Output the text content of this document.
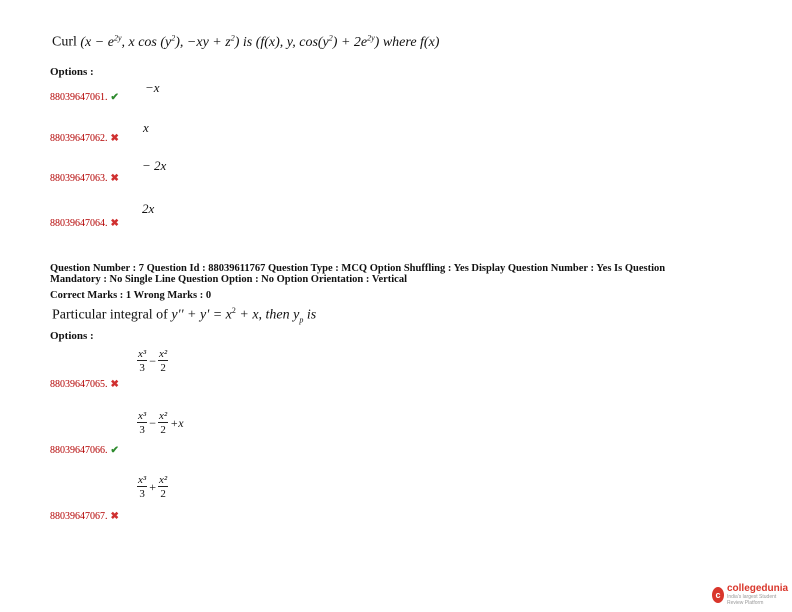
Curl ($x - e^{2y}$, x $\cos (y^2)$, $-xy + z^2$) is (f(x), y, $\cos(y^2) + 2e^{2y}$) where f(x)
Options :
88039647061. ✔
−x
88039647062. ✖
x
88039647063. ✖
− 2x
88039647064. ✖
2x
Question Number : 7 Question Id : 88039611767 Question Type : MCQ Option Shuffling : Yes Display Question Number : Yes Is Question
Mandatory : No Single Line Question Option : No Option Orientation : Vertical
Correct Marks : 1 Wrong Marks : 0
Particular integral of $y'' + y' = x^2 + x$, then $y_p$ is
Options :
88039647065. ✖
$\frac{\text{x³}}{3} - \frac{\text{x²}}{2}$
88039647066. ✔
$\frac{\text{x³}}{3} - \frac{\text{x²}}{2} +x$
88039647067. ✖
$\frac{\text{x³}}{3} + \frac{\text{x²}}{2}$
c
collegedunia
India's largest Student Review Platform
